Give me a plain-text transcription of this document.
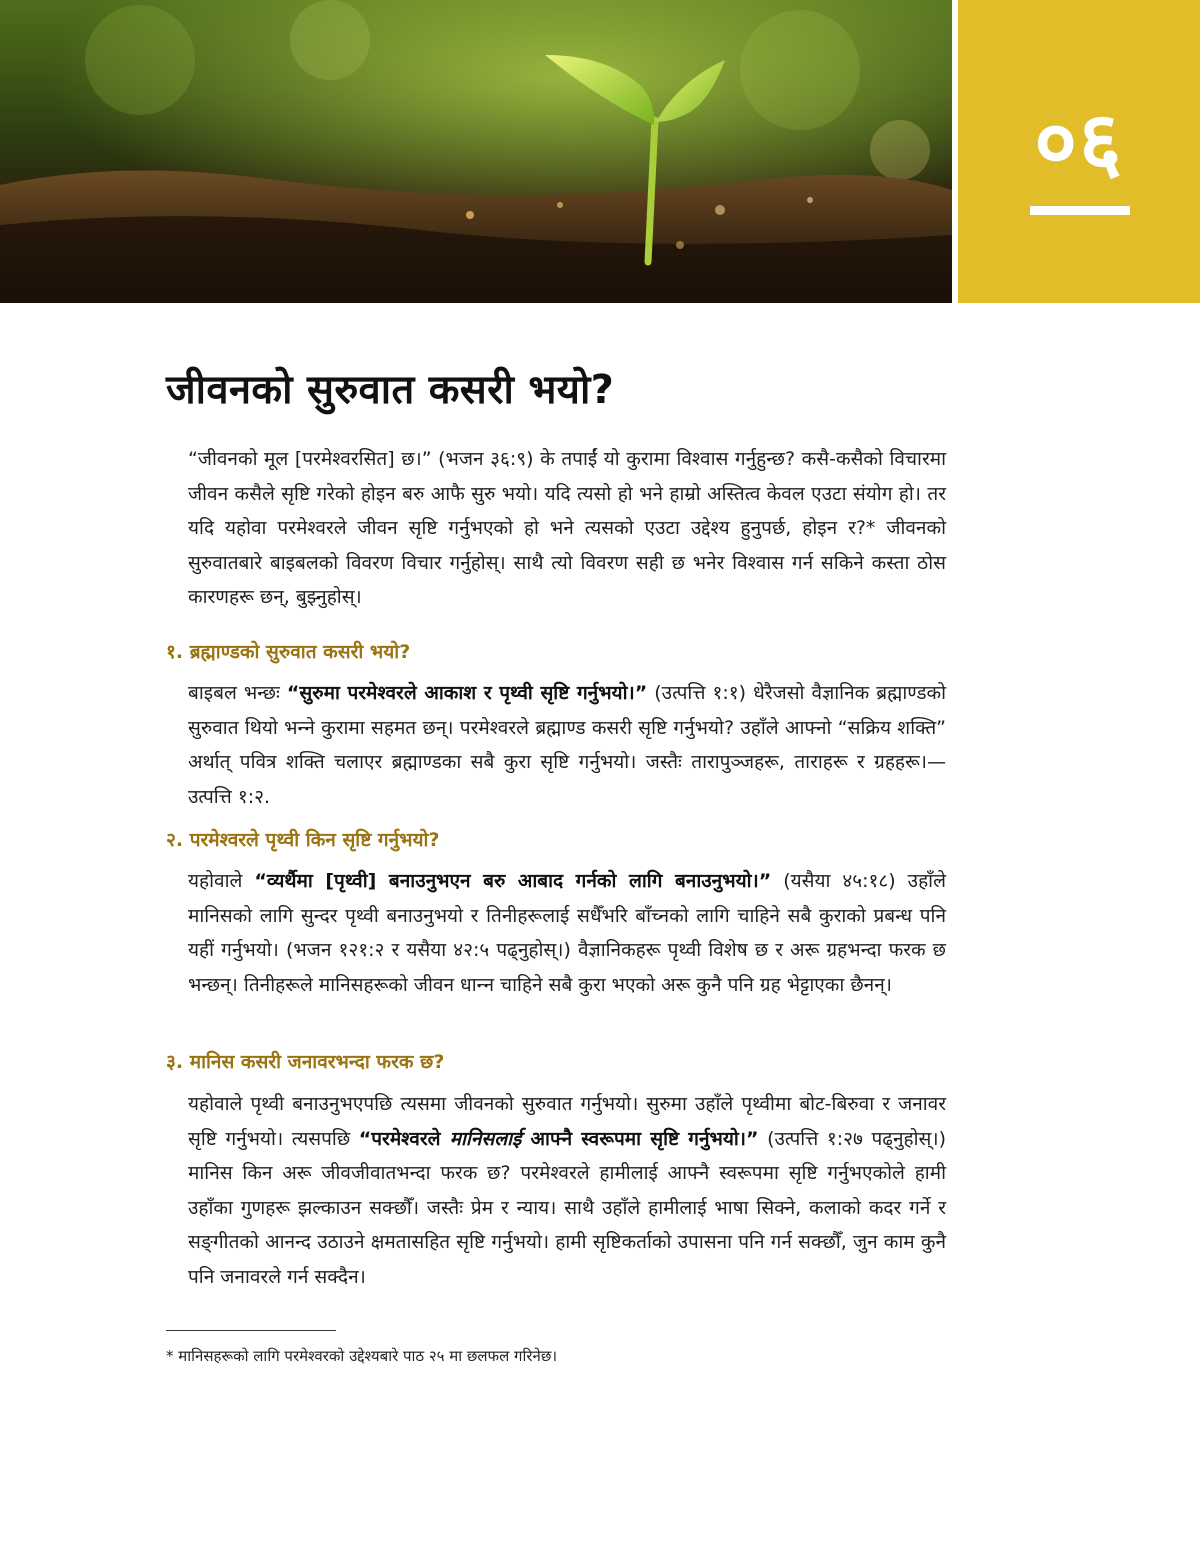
०६
जीवनको सुरुवात कसरी भयो?

“जीवनको मूल [परमेश्‍वरसित] छ।” (भजन ३६:९) के तपाईं यो कुरामा विश्‍वास गर्नुहुन्छ? कसै-कसैको विचारमा जीवन कसैले सृष्टि गरेको होइन बरु आफै सुरु भयो। यदि त्यसो हो भने हाम्रो अस्तित्व केवल एउटा संयोग हो। तर यदि यहोवा परमेश्‍वरले जीवन सृष्टि गर्नुभएको हो भने त्यसको एउटा उद्देश्‍य हुनुपर्छ, होइन र?* जीवनको सुरुवातबारे बाइबलको विवरण विचार गर्नुहोस्। साथै त्यो विवरण सही छ भनेर विश्‍वास गर्न सकिने कस्ता ठोस कारणहरू छन्, बुझ्नुहोस्।

१. ब्रह्माण्डको सुरुवात कसरी भयो?

बाइबल भन्छः “सुरुमा परमेश्‍वरले आकाश र पृथ्वी सृष्टि गर्नुभयो।” (उत्पत्ति १:१) धेरैजसो वैज्ञानिक ब्रह्माण्डको सुरुवात थियो भन्‍ने कुरामा सहमत छन्। परमेश्‍वरले ब्रह्माण्ड कसरी सृष्टि गर्नुभयो? उहाँले आफ्नो “सक्रिय शक्‍ति” अर्थात्‌ पवित्र शक्‍ति चलाएर ब्रह्माण्डका सबै कुरा सृष्टि गर्नुभयो। जस्तैः तारापुञ्जहरू, ताराहरू र ग्रहहरू।—उत्पत्ति १:२.

२. परमेश्‍वरले पृथ्वी किन सृष्टि गर्नुभयो?

यहोवाले “व्यर्थैमा [पृथ्वी] बनाउनुभएन बरु आबाद गर्नको लागि बनाउनुभयो।” (यसैया ४५:१८) उहाँले मानिसको लागि सुन्दर पृथ्वी बनाउनुभयो र तिनीहरूलाई सधैँभरि बाँच्नको लागि चाहिने सबै कुराको प्रबन्ध पनि यहीं गर्नुभयो। (भजन १२१:२ र यसैया ४२:५ पढ्‌नुहोस्‌।) वैज्ञानिकहरू पृथ्वी विशेष छ र अरू ग्रहभन्दा फरक छ भन्छन्। तिनीहरूले मानिसहरूको जीवन धान्‍न चाहिने सबै कुरा भएको अरू कुनै पनि ग्रह भेट्टाएका छैनन्।

३. मानिस कसरी जनावरभन्दा फरक छ?

यहोवाले पृथ्वी बनाउनुभएपछि त्यसमा जीवनको सुरुवात गर्नुभयो। सुरुमा उहाँले पृथ्वीमा बोट-बिरुवा र जनावर सृष्टि गर्नुभयो। त्यसपछि “परमेश्‍वरले मानिसलाई आफ्नै स्वरूपमा सृष्टि गर्नुभयो।” (उत्पत्ति १:२७ पढ्‌नुहोस्‌।) मानिस किन अरू जीवजीवातभन्दा फरक छ? परमेश्‍वरले हामीलाई आफ्नै स्वरूपमा सृष्टि गर्नुभएकोले हामी उहाँका गुणहरू झल्काउन सक्छौँ। जस्तैः प्रेम र न्याय। साथै उहाँले हामीलाई भाषा सिक्ने, कलाको कदर गर्ने र सङ्‌गीतको आनन्द उठाउने क्षमतासहित सृष्टि गर्नुभयो। हामी सृष्टिकर्ताको उपासना पनि गर्न सक्छौँ, जुन काम कुनै पनि जनावरले गर्न सक्दैन।

* मानिसहरूको लागि परमेश्‍वरको उद्देश्‍यबारे पाठ २५ मा छलफल गरिनेछ।
